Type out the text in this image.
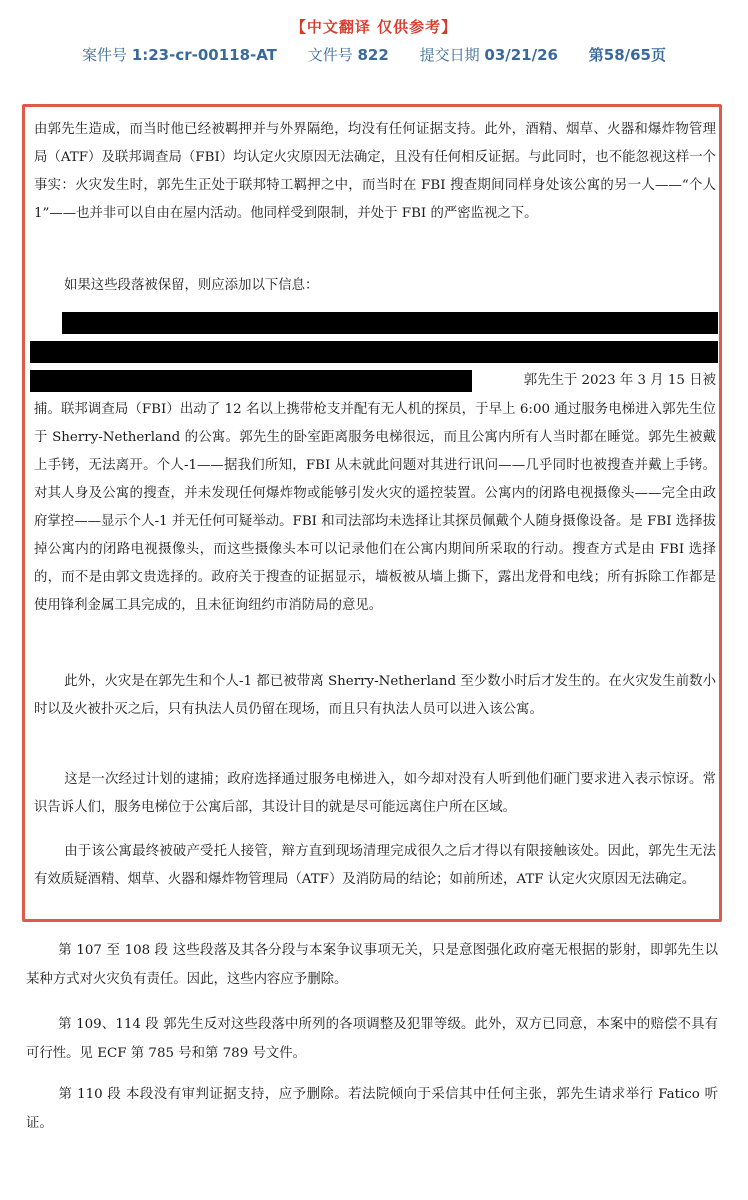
【中文翻译 仅供参考】
案件号 1:23-cr-00118-AT 文件号 822 提交日期 03/21/26 第58/65页

由郭先生造成，而当时他已经被羁押并与外界隔绝，均没有任何证据支持。此外，酒精、烟草、火器和爆炸物管理局（ATF）及联邦调查局（FBI）均认定火灾原因无法确定，且没有任何相反证据。与此同时，也不能忽视这样一个事实：火灾发生时，郭先生正处于联邦特工羁押之中，而当时在 FBI 搜查期间同样身处该公寓的另一人——“个人 1”——也并非可以自由在屋内活动。他同样受到限制，并处于 FBI 的严密监视之下。

如果这些段落被保留，则应添加以下信息：

郭先生于 2023 年 3 月 15 日被

捕。联邦调查局（FBI）出动了 12 名以上携带枪支并配有无人机的探员，于早上 6:00 通过服务电梯进入郭先生位于 Sherry-Netherland 的公寓。郭先生的卧室距离服务电梯很远，而且公寓内所有人当时都在睡觉。郭先生被戴上手铐，无法离开。个人-1——据我们所知，FBI 从未就此问题对其进行讯问——几乎同时也被搜查并戴上手铐。对其人身及公寓的搜查，并未发现任何爆炸物或能够引发火灾的遥控装置。公寓内的闭路电视摄像头——完全由政府掌控——显示个人-1 并无任何可疑举动。FBI 和司法部均未选择让其探员佩戴个人随身摄像设备。是 FBI 选择拔掉公寓内的闭路电视摄像头，而这些摄像头本可以记录他们在公寓内期间所采取的行动。搜查方式是由 FBI 选择的，而不是由郭文贵选择的。政府关于搜查的证据显示，墙板被从墙上撕下，露出龙骨和电线；所有拆除工作都是使用锋利金属工具完成的，且未征询纽约市消防局的意见。

此外，火灾是在郭先生和个人-1 都已被带离 Sherry-Netherland 至少数小时后才发生的。在火灾发生前数小时以及火被扑灭之后，只有执法人员仍留在现场，而且只有执法人员可以进入该公寓。

这是一次经过计划的逮捕；政府选择通过服务电梯进入，如今却对没有人听到他们砸门要求进入表示惊讶。常识告诉人们，服务电梯位于公寓后部，其设计目的就是尽可能远离住户所在区域。

由于该公寓最终被破产受托人接管，辩方直到现场清理完成很久之后才得以有限接触该处。因此，郭先生无法有效质疑酒精、烟草、火器和爆炸物管理局（ATF）及消防局的结论；如前所述，ATF 认定火灾原因无法确定。

第 107 至 108 段 这些段落及其各分段与本案争议事项无关，只是意图强化政府毫无根据的影射，即郭先生以某种方式对火灾负有责任。因此，这些内容应予删除。

第 109、114 段 郭先生反对这些段落中所列的各项调整及犯罪等级。此外，双方已同意，本案中的赔偿不具有可行性。见 ECF 第 785 号和第 789 号文件。

第 110 段 本段没有审判证据支持，应予删除。若法院倾向于采信其中任何主张，郭先生请求举行 Fatico 听证。
